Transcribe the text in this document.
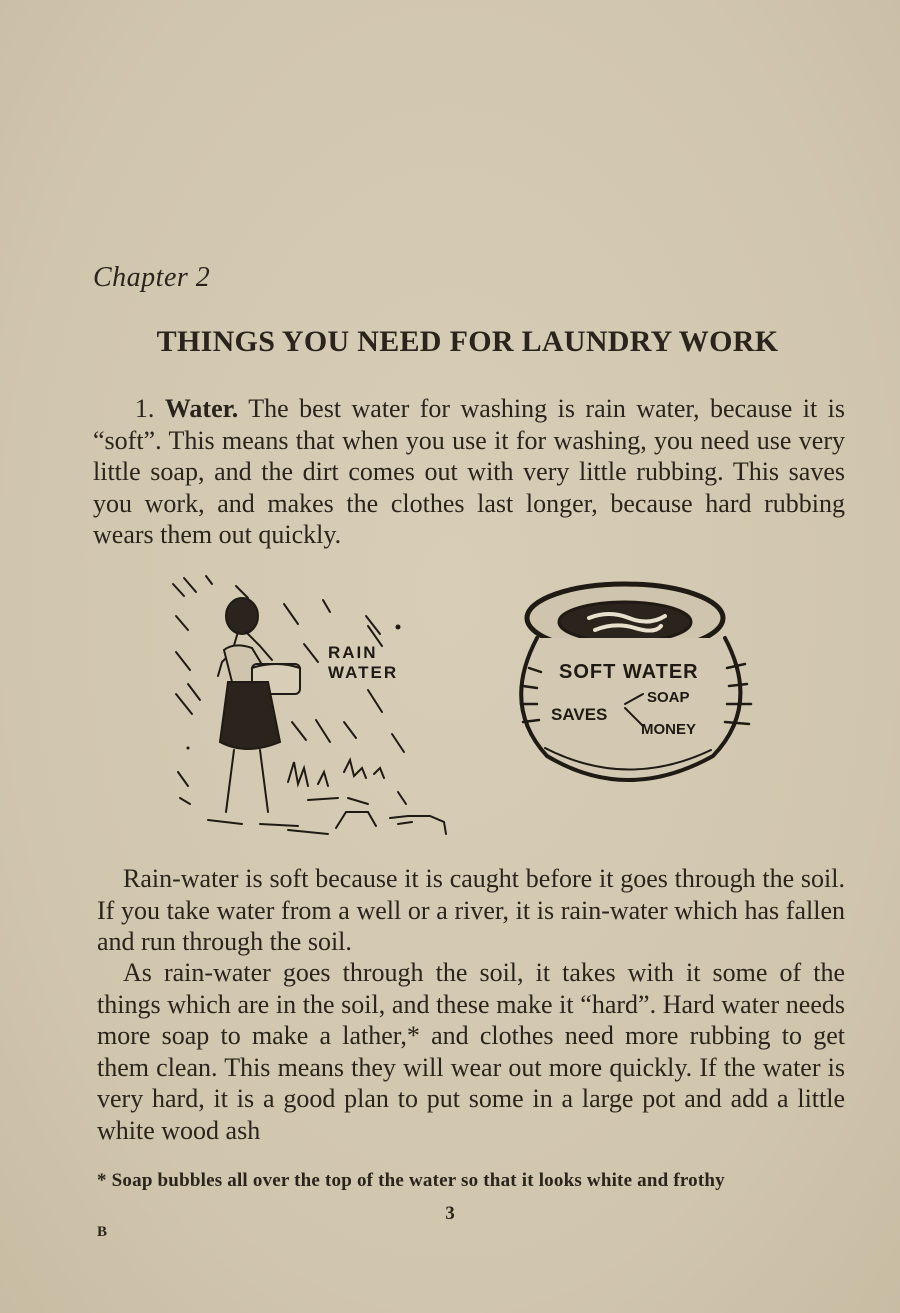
Chapter 2
THINGS YOU NEED FOR LAUNDRY WORK
1. Water. The best water for washing is rain water, because it is “soft”. This means that when you use it for washing, you need use very little soap, and the dirt comes out with very little rubbing. This saves you work, and makes the clothes last longer, because hard rubbing wears them out quickly.
RAIN
WATER	SOFT WATER
SAVES
SOAP
MONEY
Rain-water is soft because it is caught before it goes through the soil. If you take water from a well or a river, it is rain-water which has fallen and run through the soil.
As rain-water goes through the soil, it takes with it some of the things which are in the soil, and these make it “hard”. Hard water needs more soap to make a lather,* and clothes need more rubbing to get them clean. This means they will wear out more quickly. If the water is very hard, it is a good plan to put some in a large pot and add a little white wood ash
* Soap bubbles all over the top of the water so that it looks white and frothy
3
B
